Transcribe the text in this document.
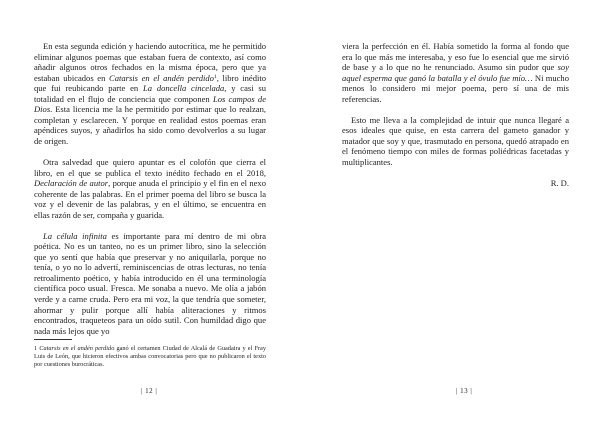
En esta segunda edición y haciendo autocrítica, me he permitido eliminar algunos poemas que estaban fuera de contexto, así como añadir algunos otros fechados en la misma época, pero que ya estaban ubicados en Catarsis en el andén perdido$^1$, libro inédito que fui reubicando parte en La doncella cincelada, y casi su totalidad en el flujo de conciencia que componen Los campos de Dios. Esta licencia me la he permitido por estimar que lo realzan, completan y esclarecen. Y porque en realidad estos poemas eran apéndices suyos, y añadirlos ha sido como devolverlos a su lugar de origen.

Otra salvedad que quiero apuntar es el colofón que cierra el libro, en el que se publica el texto inédito fechado en el 2018, Declaración de autor, porque anuda el principio y el fin en el nexo coherente de las palabras. En el primer poema del libro se busca la voz y el devenir de las palabras, y en el último, se encuentra en ellas razón de ser, compaña y guarida.

La célula infinita es importante para mí dentro de mi obra poética. No es un tanteo, no es un primer libro, sino la selección que yo sentí que había que preservar y no aniquilarla, porque no tenía, o yo no lo advertí, reminiscencias de otras lecturas, no tenía retroalimento poético, y había introducido en él una terminología científica poco usual. Fresca. Me sonaba a nuevo. Me olía a jabón verde y a carne cruda. Pero era mi voz, la que tendría que someter, ahormar y pulir porque allí había aliteraciones y ritmos encontrados, traqueteos para un oído sutil. Con humildad digo que nada más lejos que yo

1 Catarsis en el andén perdido ganó el certamen Ciudad de Alcalá de Guadaira y el Fray Luis de León, que hicieron efectivos ambas convocatorias pero que no publicaron el texto por cuestiones burocráticas.
| 12 |

viera la perfección en él. Había sometido la forma al fondo que era lo que más me interesaba, y eso fue lo esencial que me sirvió de base y a lo que no he renunciado. Asumo sin pudor que soy aquel esperma que ganó la batalla y el óvulo fue mío… Ni mucho menos lo considero mi mejor poema, pero sí una de mis referencias.

Esto me lleva a la complejidad de intuir que nunca llegaré a esos ideales que quise, en esta carrera del gameto ganador y matador que soy y que, trasmutado en persona, quedó atrapado en el fenómeno tiempo con miles de formas poliédricas facetadas y multiplicantes.

R. D.

| 13 |
